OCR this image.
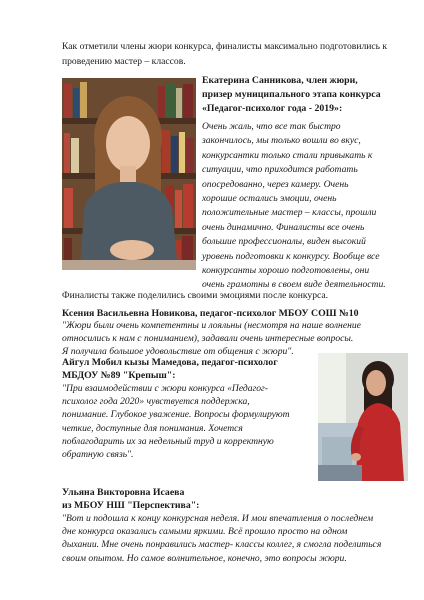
Как отметили члены жюри конкурса, финалисты максимально подготовились к проведению мастер – классов.
Екатерина Санникова, член жюри,
призер муниципального этапа конкурса
«Педагог-психолог года - 2019»:
Очень жаль, что все так быстро
закончилось, мы только вошли во вкус,
конкурсантки только стали привыкать к
ситуации, что приходится работать
опосредованно, через камеру. Очень
хорошие остались эмоции, очень
положительные мастер – классы, прошли
очень динамично. Финалисты все очень
большие профессионалы, виден высокий
уровень подготовки к конкурсу. Вообще все
конкурсанты хорошо подготовлены, они
очень грамотны в своем виде деятельности.
Финалисты также поделились своими эмоциями после конкурса.
Ксения Васильевна Новикова, педагог-психолог МБОУ СОШ №10
"Жюри были очень компетентны и лояльны (несмотря на наше волнение
относились к нам с пониманием), задавали очень интересные вопросы.
Я получила большое удовольствие от общения с жюри".
Айгул Мобил кызы Мамедова, педагог-психолог
МБДОУ №89 "Крепыш":
"При взаимодействии с жюри конкурса «Педагог-
психолог года 2020» чувствуется поддержка,
понимание. Глубокое уважение. Вопросы формулируют
четкие, доступные для понимания. Хочется
поблагодарить их за недельный труд и корректную
обратную связь".
Ульяна Викторовна Исаева
из МБОУ НШ "Перспектива":
"Вот и подошла к концу конкурсная неделя. И мои впечатления о последнем
дне конкурса оказались самыми яркими. Всё прошло просто на одном
дыхании. Мне очень понравились мастер- классы коллег, я смогла поделиться
своим опытом. Но самое волнительное, конечно, это вопросы жюри.
